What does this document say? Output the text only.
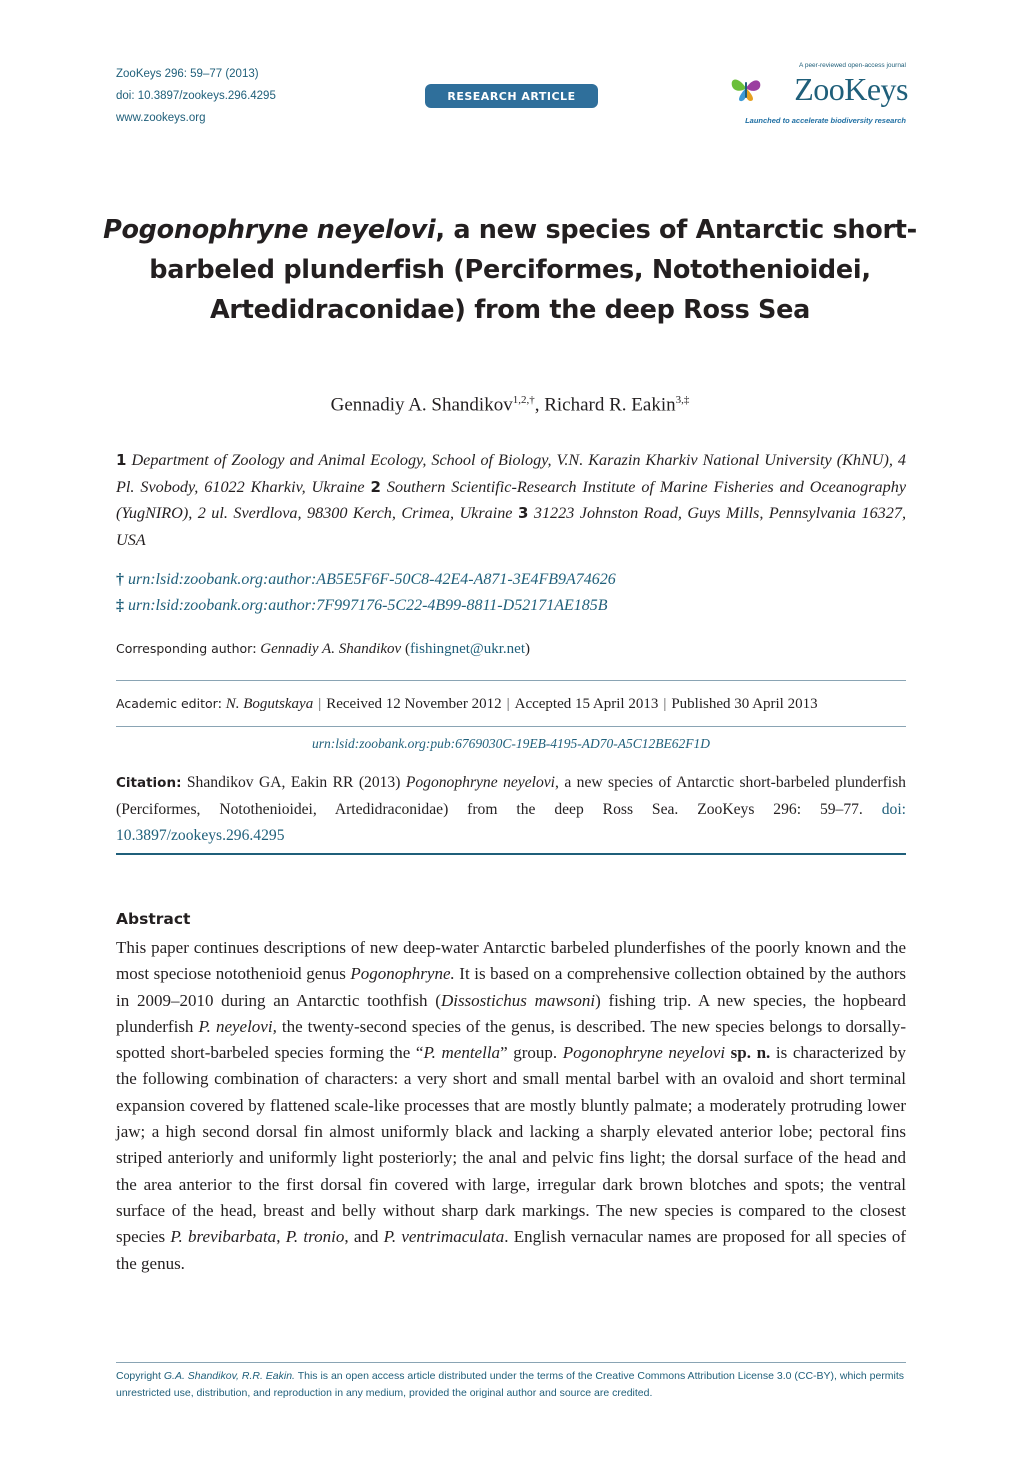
ZooKeys 296: 59–77 (2013)
doi: 10.3897/zookeys.296.4295
www.zookeys.org
RESEARCH ARTICLE
A peer-reviewed open-access journal
ZooKeys
Launched to accelerate biodiversity research
Pogonophryne neyelovi, a new species of Antarctic short-
barbeled plunderfish (Perciformes, Notothenioidei,
Artedidraconidae) from the deep Ross Sea
Gennadiy A. Shandikov$^{1,2,\dagger}$, Richard R. Eakin$^{3,\ddagger}$
1 Department of Zoology and Animal Ecology, School of Biology, V.N. Karazin Kharkiv National University (KhNU), 4 Pl. Svobody, 61022 Kharkiv, Ukraine 2 Southern Scientific-Research Institute of Marine Fisheries and Oceanography (YugNIRO), 2 ul. Sverdlova, 98300 Kerch, Crimea, Ukraine 3 31223 Johnston Road, Guys Mills, Pennsylvania 16327, USA
† urn:lsid:zoobank.org:author:AB5E5F6F-50C8-42E4-A871-3E4FB9A74626
‡ urn:lsid:zoobank.org:author:7F997176-5C22-4B99-8811-D52171AE185B
Corresponding author: Gennadiy A. Shandikov (fishingnet@ukr.net)
Academic editor: N. Bogutskaya | Received 12 November 2012 | Accepted 15 April 2013 | Published 30 April 2013
urn:lsid:zoobank.org:pub:6769030C-19EB-4195-AD70-A5C12BE62F1D
Citation: Shandikov GA, Eakin RR (2013) Pogonophryne neyelovi, a new species of Antarctic short-barbeled plunderfish (Perciformes, Notothenioidei, Artedidraconidae) from the deep Ross Sea. ZooKeys 296: 59–77. doi: 10.3897/zookeys.296.4295
Abstract
This paper continues descriptions of new deep-water Antarctic barbeled plunderfishes of the poorly known and the most speciose notothenioid genus Pogonophryne. It is based on a comprehensive collection obtained by the authors in 2009–2010 during an Antarctic toothfish (Dissostichus mawsoni) fishing trip. A new species, the hopbeard plunderfish P. neyelovi, the twenty-second species of the genus, is described. The new species belongs to dorsally-spotted short-barbeled species forming the “P. mentella” group. Pogonophryne neyelovi sp. n. is characterized by the following combination of characters: a very short and small mental barbel with an ovaloid and short terminal expansion covered by flattened scale-like processes that are mostly bluntly palmate; a moderately protruding lower jaw; a high second dorsal fin almost uniformly black and lacking a sharply elevated anterior lobe; pectoral fins striped anteriorly and uniformly light posteriorly; the anal and pelvic fins light; the dorsal surface of the head and the area anterior to the first dorsal fin covered with large, irregular dark brown blotches and spots; the ventral surface of the head, breast and belly without sharp dark markings. The new species is compared to the closest species P. brevibarbata, P. tronio, and P. ventrimaculata. English vernacular names are proposed for all species of the genus.
Copyright G.A. Shandikov, R.R. Eakin. This is an open access article distributed under the terms of the Creative Commons Attribution License 3.0 (CC-BY), which permits unrestricted use, distribution, and reproduction in any medium, provided the original author and source are credited.
